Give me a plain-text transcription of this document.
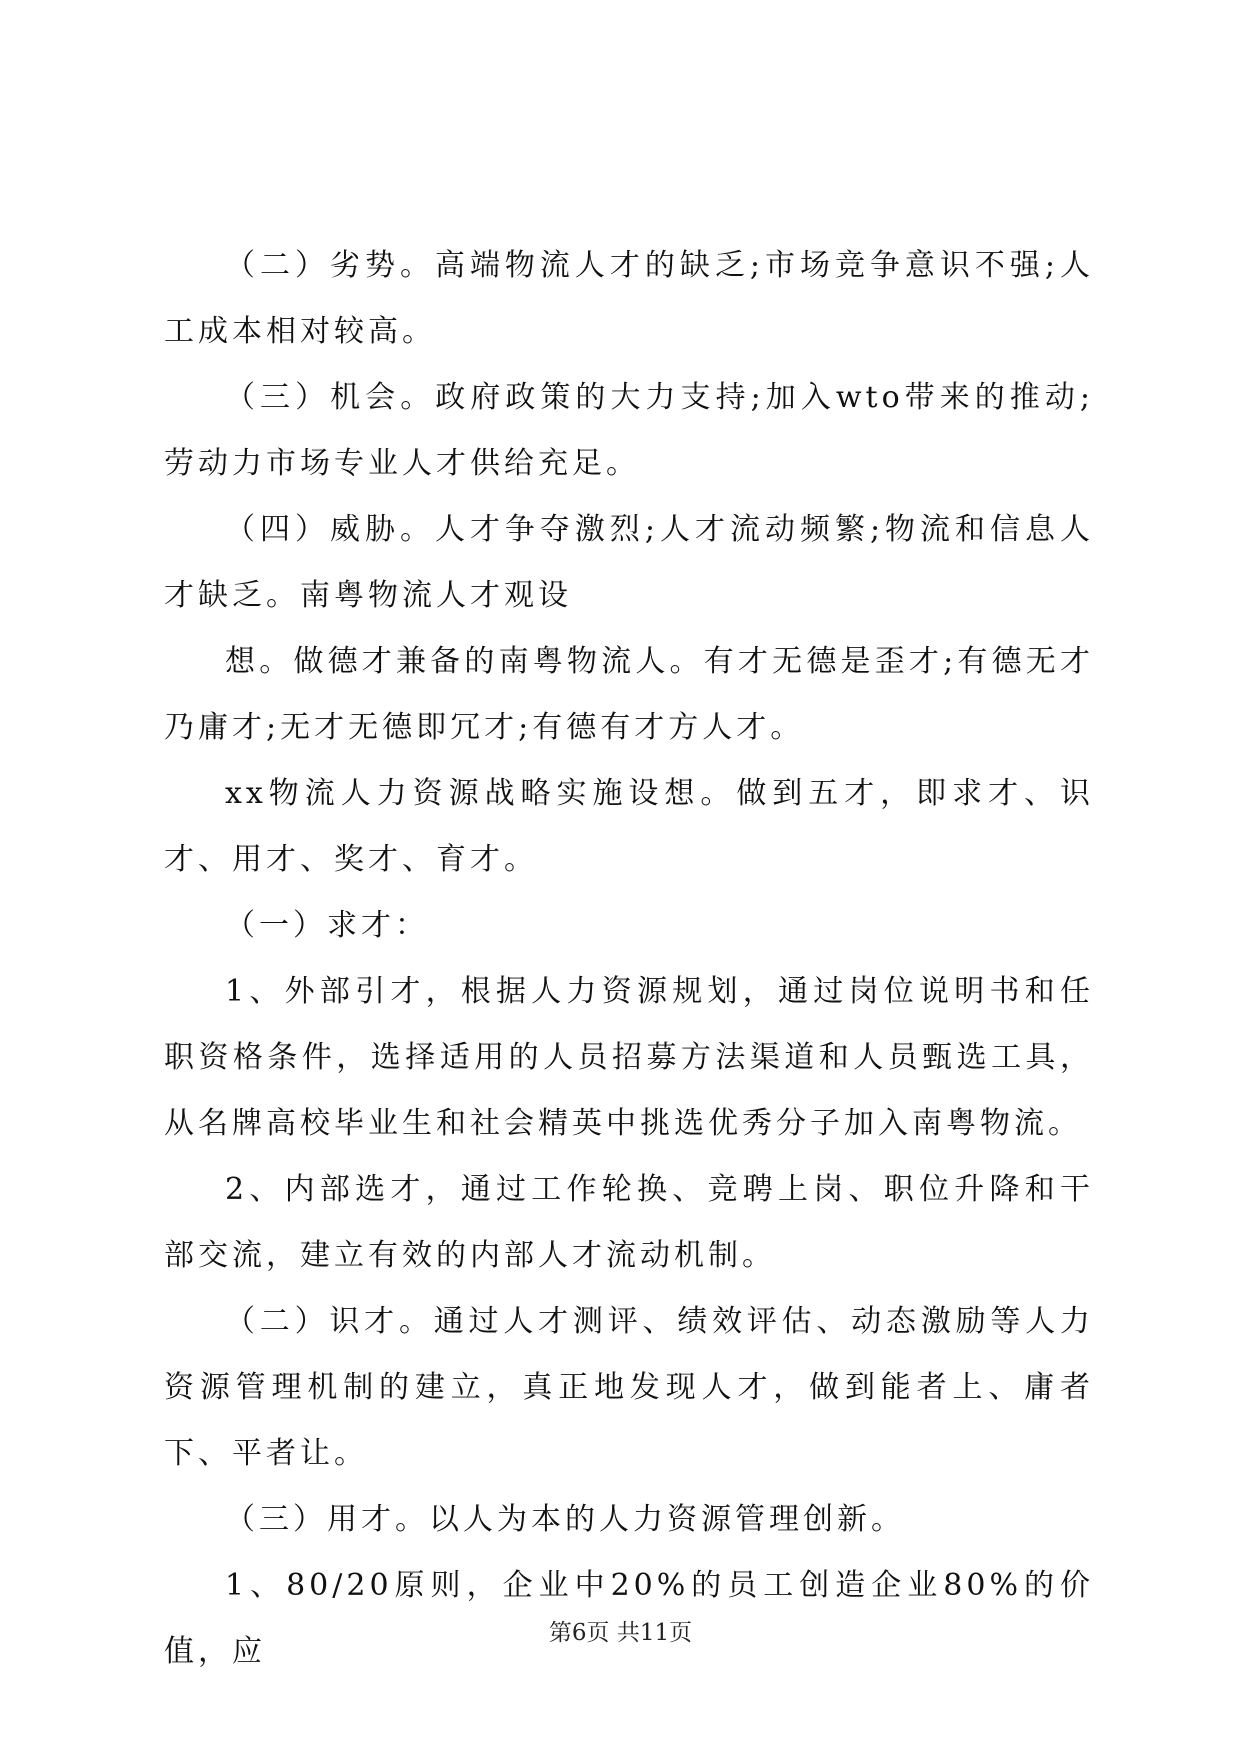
（二）劣势。高端物流人才的缺乏;市场竞争意识不强;人工成本相对较高。

（三）机会。政府政策的大力支持;加入wto带来的推动;劳动力市场专业人才供给充足。

（四）威胁。人才争夺激烈;人才流动频繁;物流和信息人才缺乏。南粤物流人才观设

想。做德才兼备的南粤物流人。有才无德是歪才;有德无才乃庸才;无才无德即冗才;有德有才方人才。

xx物流人力资源战略实施设想。做到五才，即求才、识才、用才、奖才、育才。

（一）求才：

1、外部引才，根据人力资源规划，通过岗位说明书和任职资格条件，选择适用的人员招募方法渠道和人员甄选工具，从名牌高校毕业生和社会精英中挑选优秀分子加入南粤物流。

2、内部选才，通过工作轮换、竞聘上岗、职位升降和干部交流，建立有效的内部人才流动机制。

（二）识才。通过人才测评、绩效评估、动态激励等人力资源管理机制的建立，真正地发现人才，做到能者上、庸者下、平者让。

（三）用才。以人为本的人力资源管理创新。

1、80/20原则，企业中20%的员工创造企业80%的价值，应

第6页 共11页
